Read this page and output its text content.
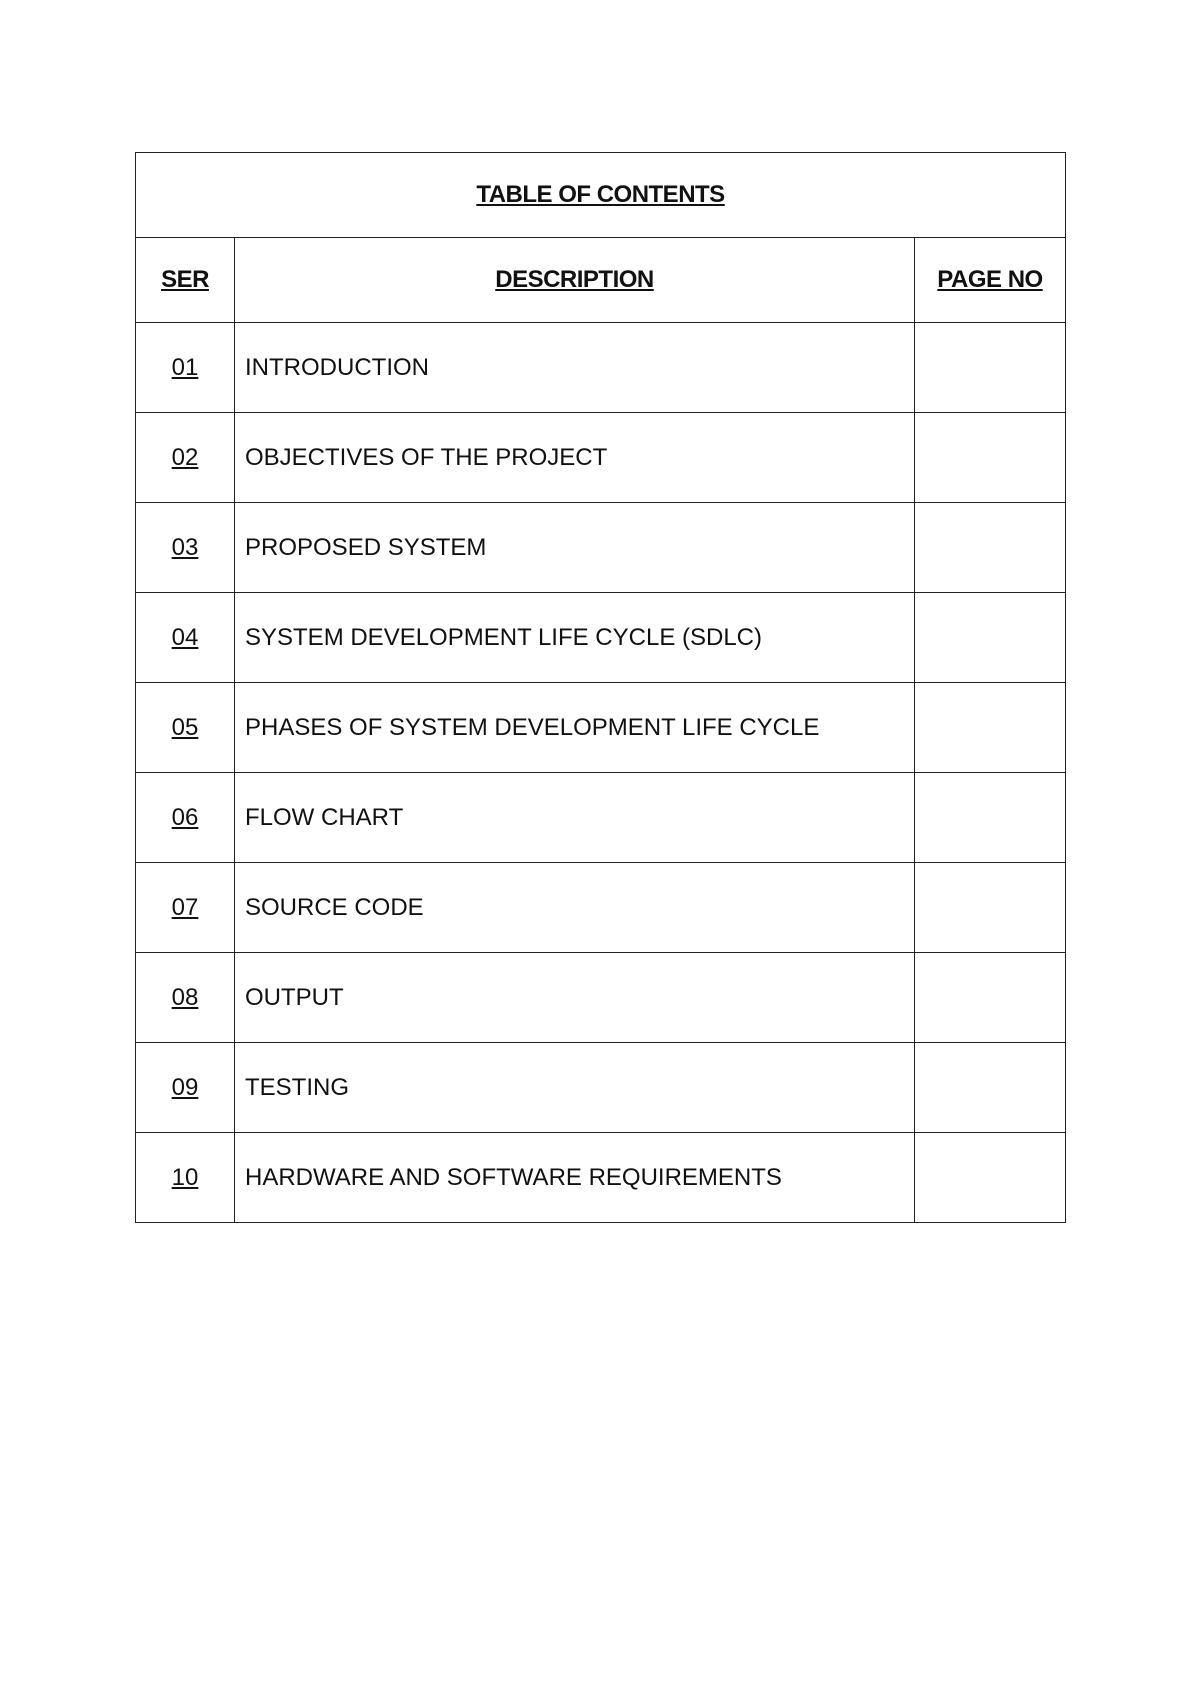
TABLE OF CONTENTS		
SER	DESCRIPTION	PAGE NO
01	INTRODUCTION	
02	OBJECTIVES OF THE PROJECT	
03	PROPOSED SYSTEM	
04	SYSTEM DEVELOPMENT LIFE CYCLE (SDLC)	
05	PHASES OF SYSTEM DEVELOPMENT LIFE CYCLE	
06	FLOW CHART	
07	SOURCE CODE	
08	OUTPUT	
09	TESTING	
10	HARDWARE AND SOFTWARE REQUIREMENTS	
